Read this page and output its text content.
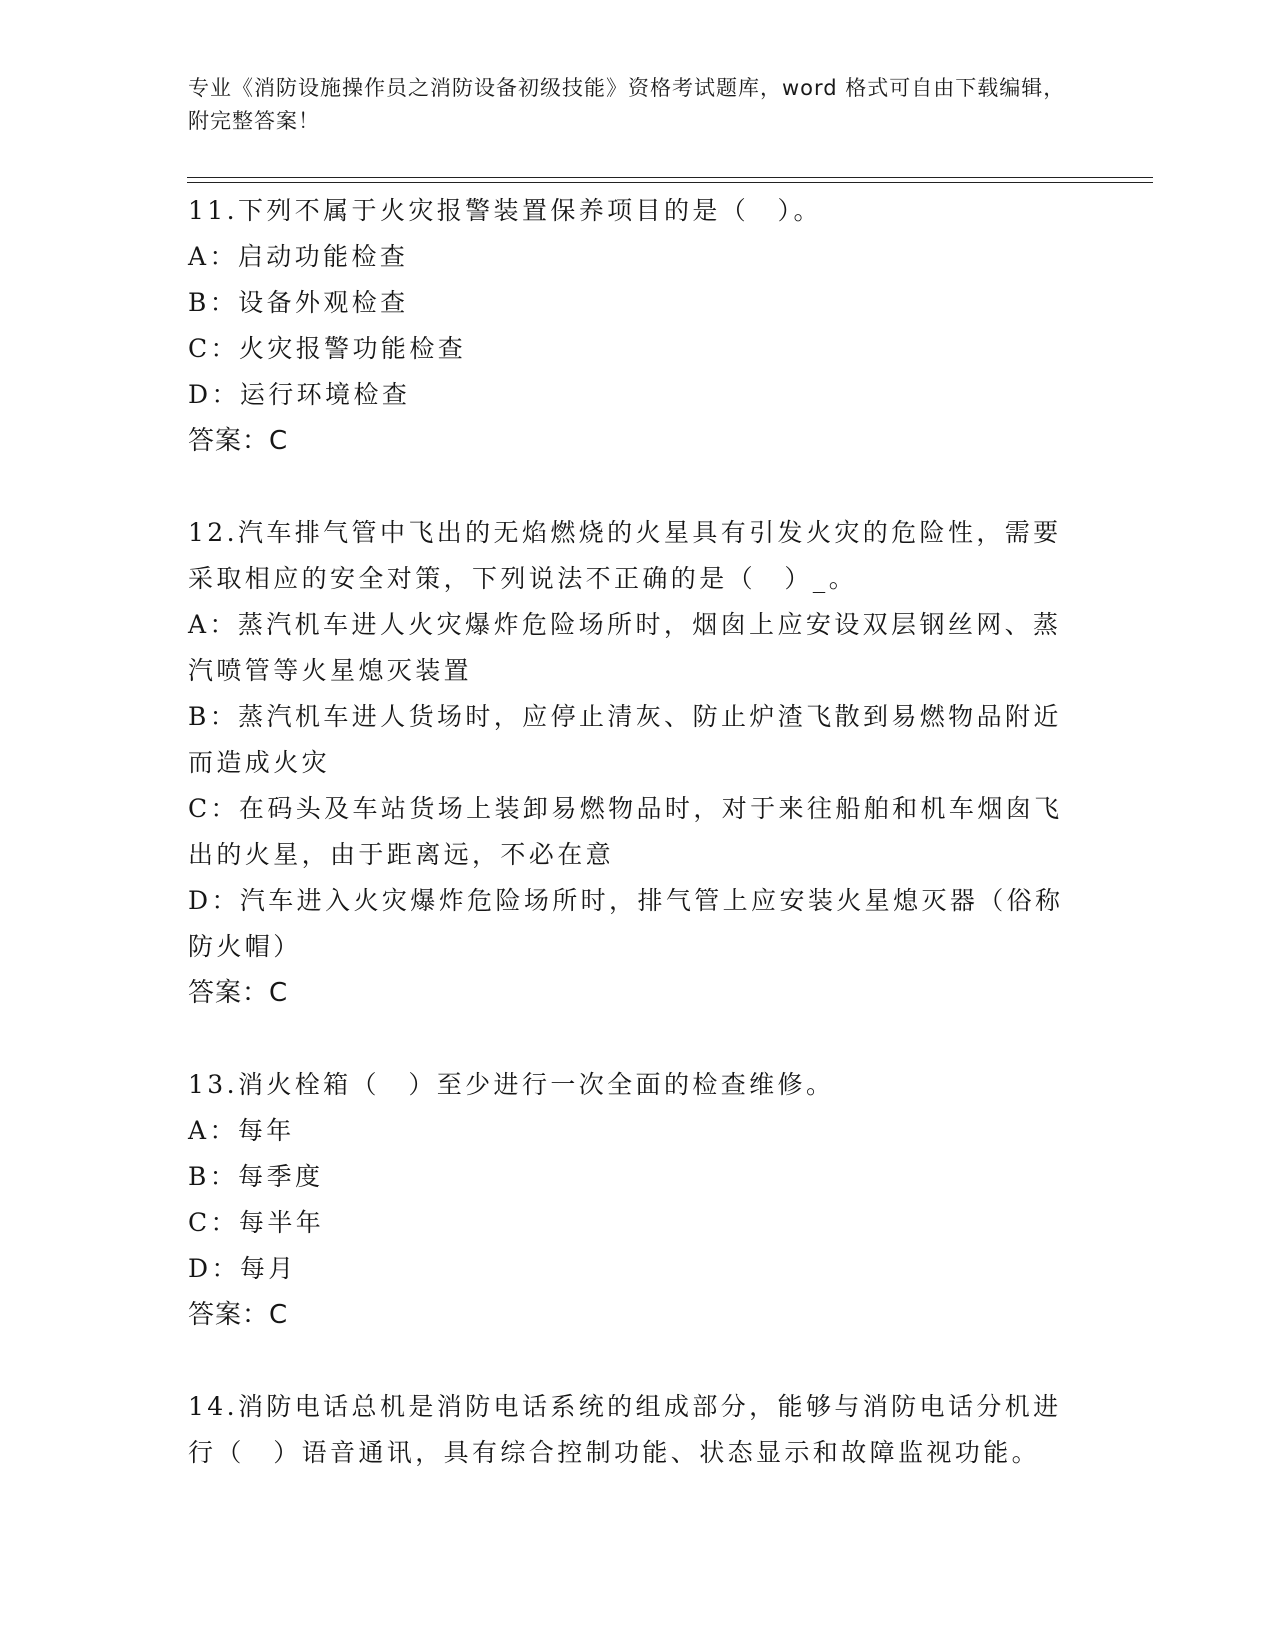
专业《消防设施操作员之消防设备初级技能》资格考试题库，word 格式可自由下载编辑，附完整答案！

11.下列不属于火灾报警装置保养项目的是（　）。

A：启动功能检查

B：设备外观检查

C：火灾报警功能检查

D：运行环境检查

答案：C

12.汽车排气管中飞出的无焰燃烧的火星具有引发火灾的危险性，需要采取相应的安全对策，下列说法不正确的是（　）_。

A：蒸汽机车进人火灾爆炸危险场所时，烟囱上应安设双层钢丝网、蒸汽喷管等火星熄灭装置

B：蒸汽机车进人货场时，应停止清灰、防止炉渣飞散到易燃物品附近而造成火灾

C：在码头及车站货场上装卸易燃物品时，对于来往船舶和机车烟囱飞出的火星，由于距离远，不必在意

D：汽车进入火灾爆炸危险场所时，排气管上应安装火星熄灭器（俗称防火帽）

答案：C

13.消火栓箱（　）至少进行一次全面的检查维修。

A：每年

B：每季度

C：每半年

D：每月

答案：C

14.消防电话总机是消防电话系统的组成部分，能够与消防电话分机进行（　）语音通讯，具有综合控制功能、状态显示和故障监视功能。
